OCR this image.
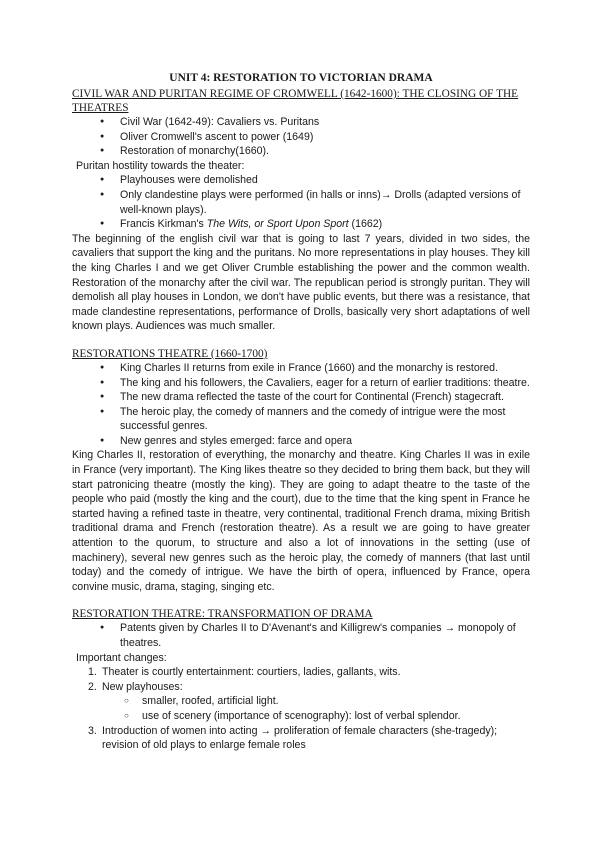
UNIT 4: RESTORATION TO VICTORIAN DRAMA
CIVIL WAR AND PURITAN REGIME OF CROMWELL (1642-1600): THE CLOSING OF THE THEATRES
● Civil War (1642-49): Cavaliers vs. Puritans
● Oliver Cromwell's ascent to power (1649)
● Restoration of monarchy(1660).

Puritan hostility towards the theater:

● Playhouses were demolished
● Only clandestine plays were performed (in halls or inns)→ Drolls (adapted versions of well-known plays).
● Francis Kirkman's The Wits, or Sport Upon Sport (1662)

The beginning of the english civil war that is going to last 7 years, divided in two sides, the cavaliers that support the king and the puritans. No more representations in play houses. They kill the king Charles I and we get Oliver Crumble establishing the power and the common wealth. Restoration of the monarchy after the civil war. The republican period is strongly puritan. They will demolish all play houses in London, we don't have public events, but there was a resistance, that made clandestine representations, performance of Drolls, basically very short adaptations of well known plays. Audiences was much smaller.

RESTORATIONS THEATRE (1660-1700)
● King Charles II returns from exile in France (1660) and the monarchy is restored.
● The king and his followers, the Cavaliers, eager for a return of earlier traditions: theatre.
● The new drama reflected the taste of the court for Continental (French) stagecraft.
● The heroic play, the comedy of manners and the comedy of intrigue were the most successful genres.
● New genres and styles emerged: farce and opera

King Charles II, restoration of everything, the monarchy and theatre. King Charles II was in exile in France (very important). The King likes theatre so they decided to bring them back, but they will start patronicing theatre (mostly the king). They are going to adapt theatre to the taste of the people who paid (mostly the king and the court), due to the time that the king spent in France he started having a refined taste in theatre, very continental, traditional French drama, mixing British traditional drama and French (restoration theatre). As a result we are going to have greater attention to the quorum, to structure and also a lot of innovations in the setting (use of machinery), several new genres such as the heroic play, the comedy of manners (that last until today) and the comedy of intrigue. We have the birth of opera, influenced by France, opera convine music, drama, staging, singing etc.

RESTORATION THEATRE: TRANSFORMATION OF DRAMA
● Patents given by Charles II to D'Avenant's and Killigrew's companies → monopoly of theatres.

Important changes:

1. Theater is courtly entertainment: courtiers, ladies, gallants, wits.
2. New playhouses:
○ smaller, roofed, artificial light.
○ use of scenery (importance of scenography): lost of verbal splendor.
3. Introduction of women into acting → proliferation of female characters (she-tragedy); revision of old plays to enlarge female roles
